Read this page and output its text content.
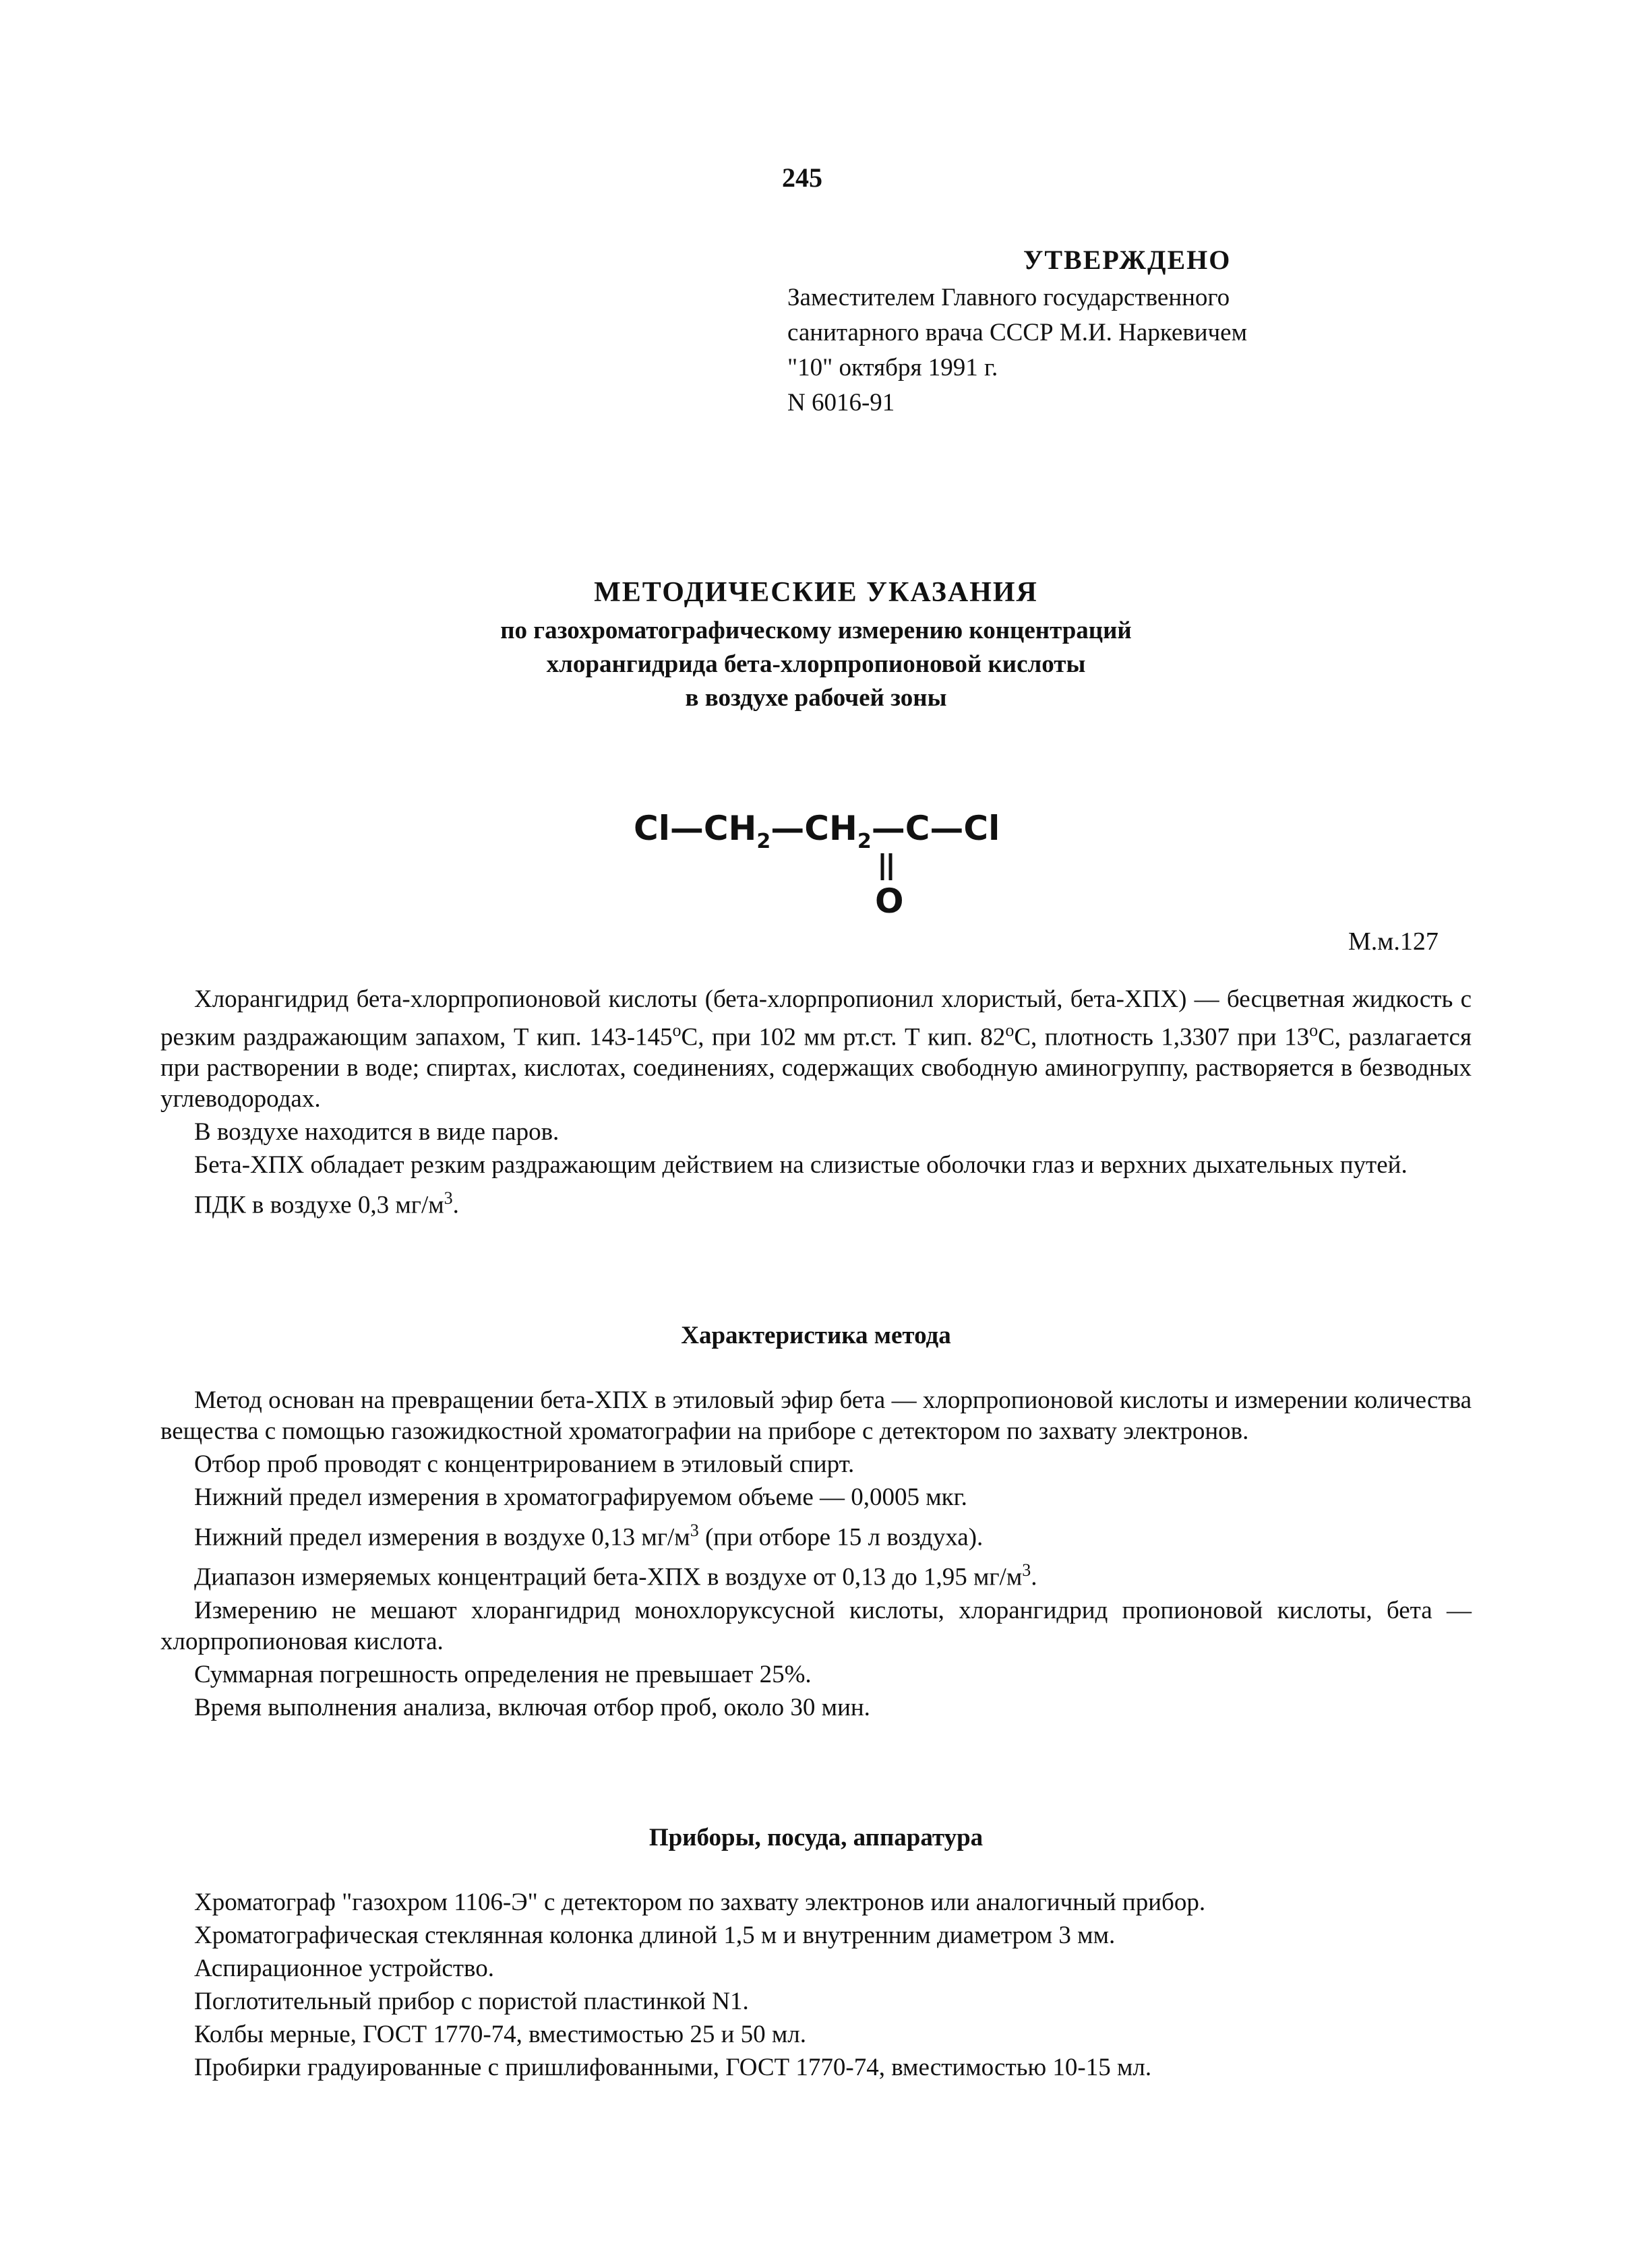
245
УТВЕРЖДЕНО
Заместителем Главного государственного
санитарного врача СССР М.И. Наркевичем
"10" октября 1991 г.
N 6016-91
МЕТОДИЧЕСКИЕ УКАЗАНИЯ
по газохроматографическому измерению концентраций
хлорангидрида бета-хлорпропионовой кислоты
в воздухе рабочей зоны
$Cl—CH_2—CH_2—C—Cl$
O
М.м.127

Хлорангидрид бета-хлорпропионовой кислоты (бета-хлорпропионил хлористый, бета-ХПХ) — бесцветная жидкость с резким раздражающим запахом, Т кип. $143-145^оС$, при 102 мм рт.ст. Т кип. $82^оС$, плотность 1,3307 при $13^оС$, разлагается при растворении в воде; спиртах, кислотах, соединениях, содержащих свободную аминогруппу, растворяется в безводных углеводородах.

В воздухе находится в виде паров.

Бета-ХПХ обладает резким раздражающим действием на слизистые оболочки глаз и верхних дыхательных путей.

ПДК в воздухе 0,3 $мг/м^3$.

Характеристика метода

Метод основан на превращении бета-ХПХ в этиловый эфир бета — хлорпропионовой кислоты и измерении количества вещества с помощью газожидкостной хроматографии на приборе с детектором по захвату электронов.

Отбор проб проводят с концентрированием в этиловый спирт.

Нижний предел измерения в хроматографируемом объеме — 0,0005 мкг.

Нижний предел измерения в воздухе 0,13 $мг/м^3$ (при отборе 15 л воздуха).

Диапазон измеряемых концентраций бета-ХПХ в воздухе от 0,13 до 1,95 $мг/м^3$.

Измерению не мешают хлорангидрид монохлоруксусной кислоты, хлорангидрид пропионовой кислоты, бета — хлорпропионовая кислота.

Суммарная погрешность определения не превышает 25%.

Время выполнения анализа, включая отбор проб, около 30 мин.

Приборы, посуда, аппаратура
Хроматограф "газохром 1106-Э" с детектором по захвату электронов или аналогичный прибор.
Хроматографическая стеклянная колонка длиной 1,5 м и внутренним диаметром 3 мм.
Аспирационное устройство.
Поглотительный прибор с пористой пластинкой N1.
Колбы мерные, ГОСТ 1770-74, вместимостью 25 и 50 мл.
Пробирки градуированные с пришлифованными, ГОСТ 1770-74, вместимостью 10-15 мл.
